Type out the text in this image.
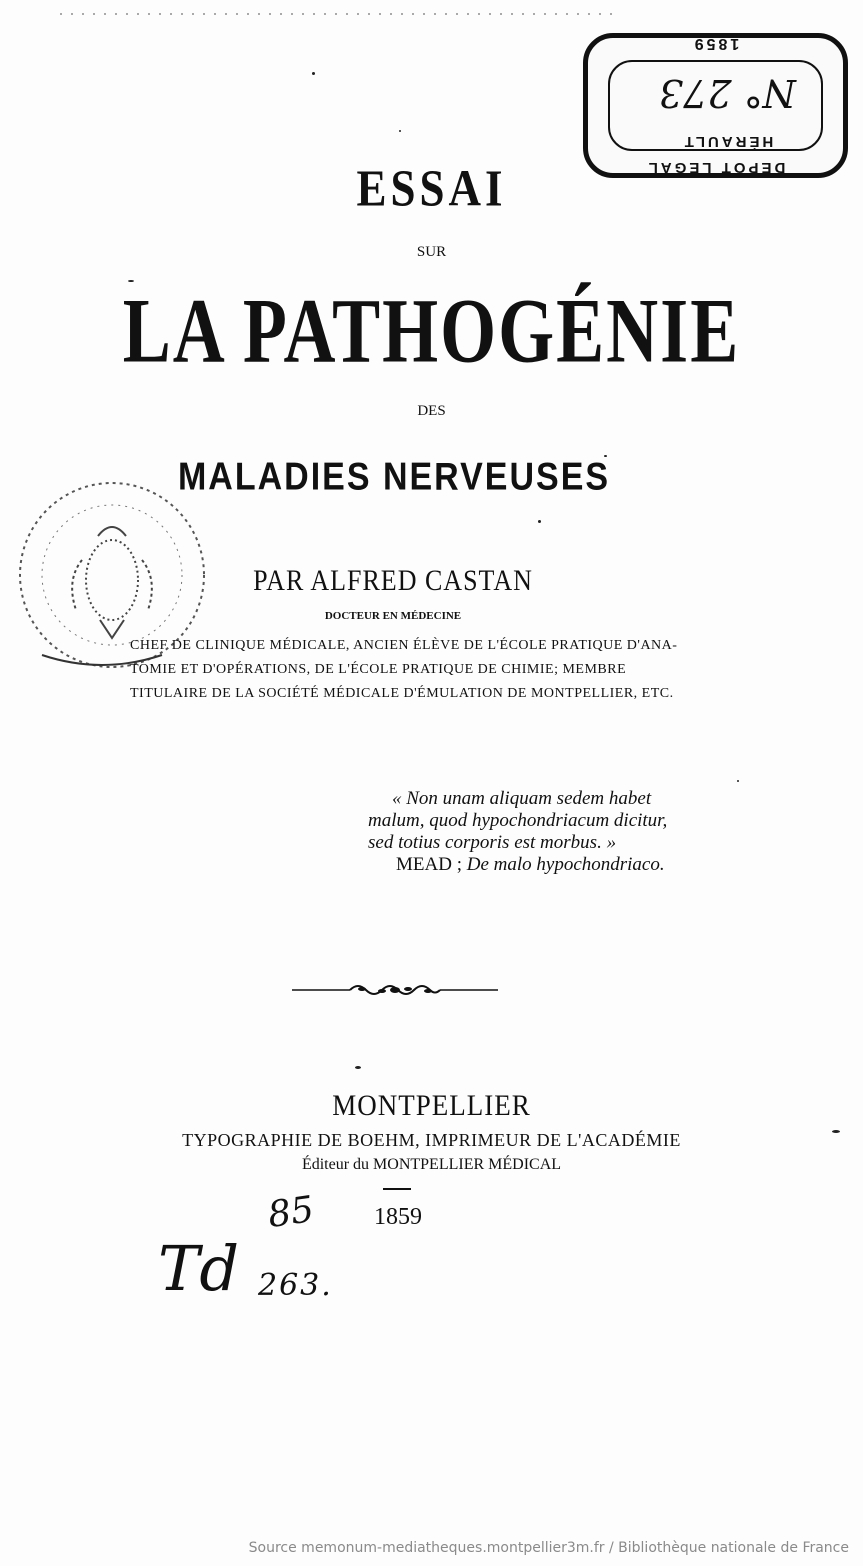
N° 273
HÉRAULT
1859
DÉPOT LÉGAL
ESSAI
SUR
LA PATHOGÉNIE
DES
MALADIES NERVEUSES
PAR ALFRED CASTAN
DOCTEUR EN MÉDECINE
CHEF DE CLINIQUE MÉDICALE, ANCIEN ÉLÈVE DE L'ÉCOLE PRATIQUE D'ANA-
TOMIE ET D'OPÉRATIONS, DE L'ÉCOLE PRATIQUE DE CHIMIE; MEMBRE
TITULAIRE DE LA SOCIÉTÉ MÉDICALE D'ÉMULATION DE MONTPELLIER, ETC.
« Non unam aliquam sedem habet
malum, quod hypochondriacum dicitur,
sed totius corporis est morbus. »
MEAD ; De malo hypochondriaco.
MONTPELLIER
TYPOGRAPHIE DE BOEHM, IMPRIMEUR DE L'ACADÉMIE
Éditeur du MONTPELLIER MÉDICAL
1859
85
Td 263.
Source memonum-mediatheques.montpellier3m.fr / Bibliothèque nationale de France
